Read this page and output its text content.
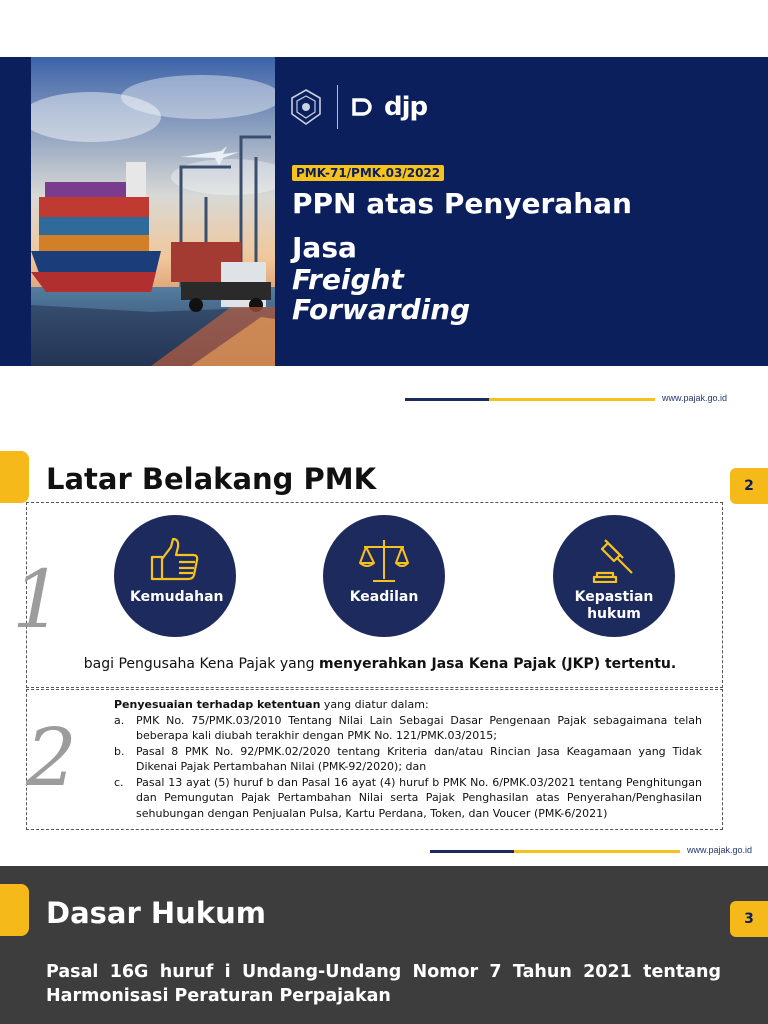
djp
PMK-71/PMK.03/2022
PPN atas Penyerahan
Jasa
Freight
Forwarding
www.pajak.go.id
2
Latar Belakang PMK
1	Kemudahan	Keadilan	Kepastian hukum
bagi Pengusaha Kena Pajak yang menyerahkan Jasa Kena Pajak (JKP) tertentu.
2
Penyesuaian terhadap ketentuan yang diatur dalam:
a.	PMK No. 75/PMK.03/2010 Tentang Nilai Lain Sebagai Dasar Pengenaan Pajak sebagaimana telah beberapa kali diubah terakhir dengan PMK No. 121/PMK.03/2015;
b.	Pasal 8 PMK No. 92/PMK.02/2020 tentang Kriteria dan/atau Rincian Jasa Keagamaan yang Tidak Dikenai Pajak Pertambahan Nilai (PMK-92/2020); dan
c.	Pasal 13 ayat (5) huruf b dan Pasal 16 ayat (4) huruf b PMK No. 6/PMK.03/2021 tentang Penghitungan dan Pemungutan Pajak Pertambahan Nilai serta Pajak Penghasilan atas Penyerahan/Penghasilan sehubungan dengan Penjualan Pulsa, Kartu Perdana, Token, dan Voucer (PMK-6/2021)
www.pajak.go.id
3
Dasar Hukum
Pasal 16G huruf i Undang-Undang Nomor 7 Tahun 2021 tentang Harmonisasi Peraturan Perpajakan
